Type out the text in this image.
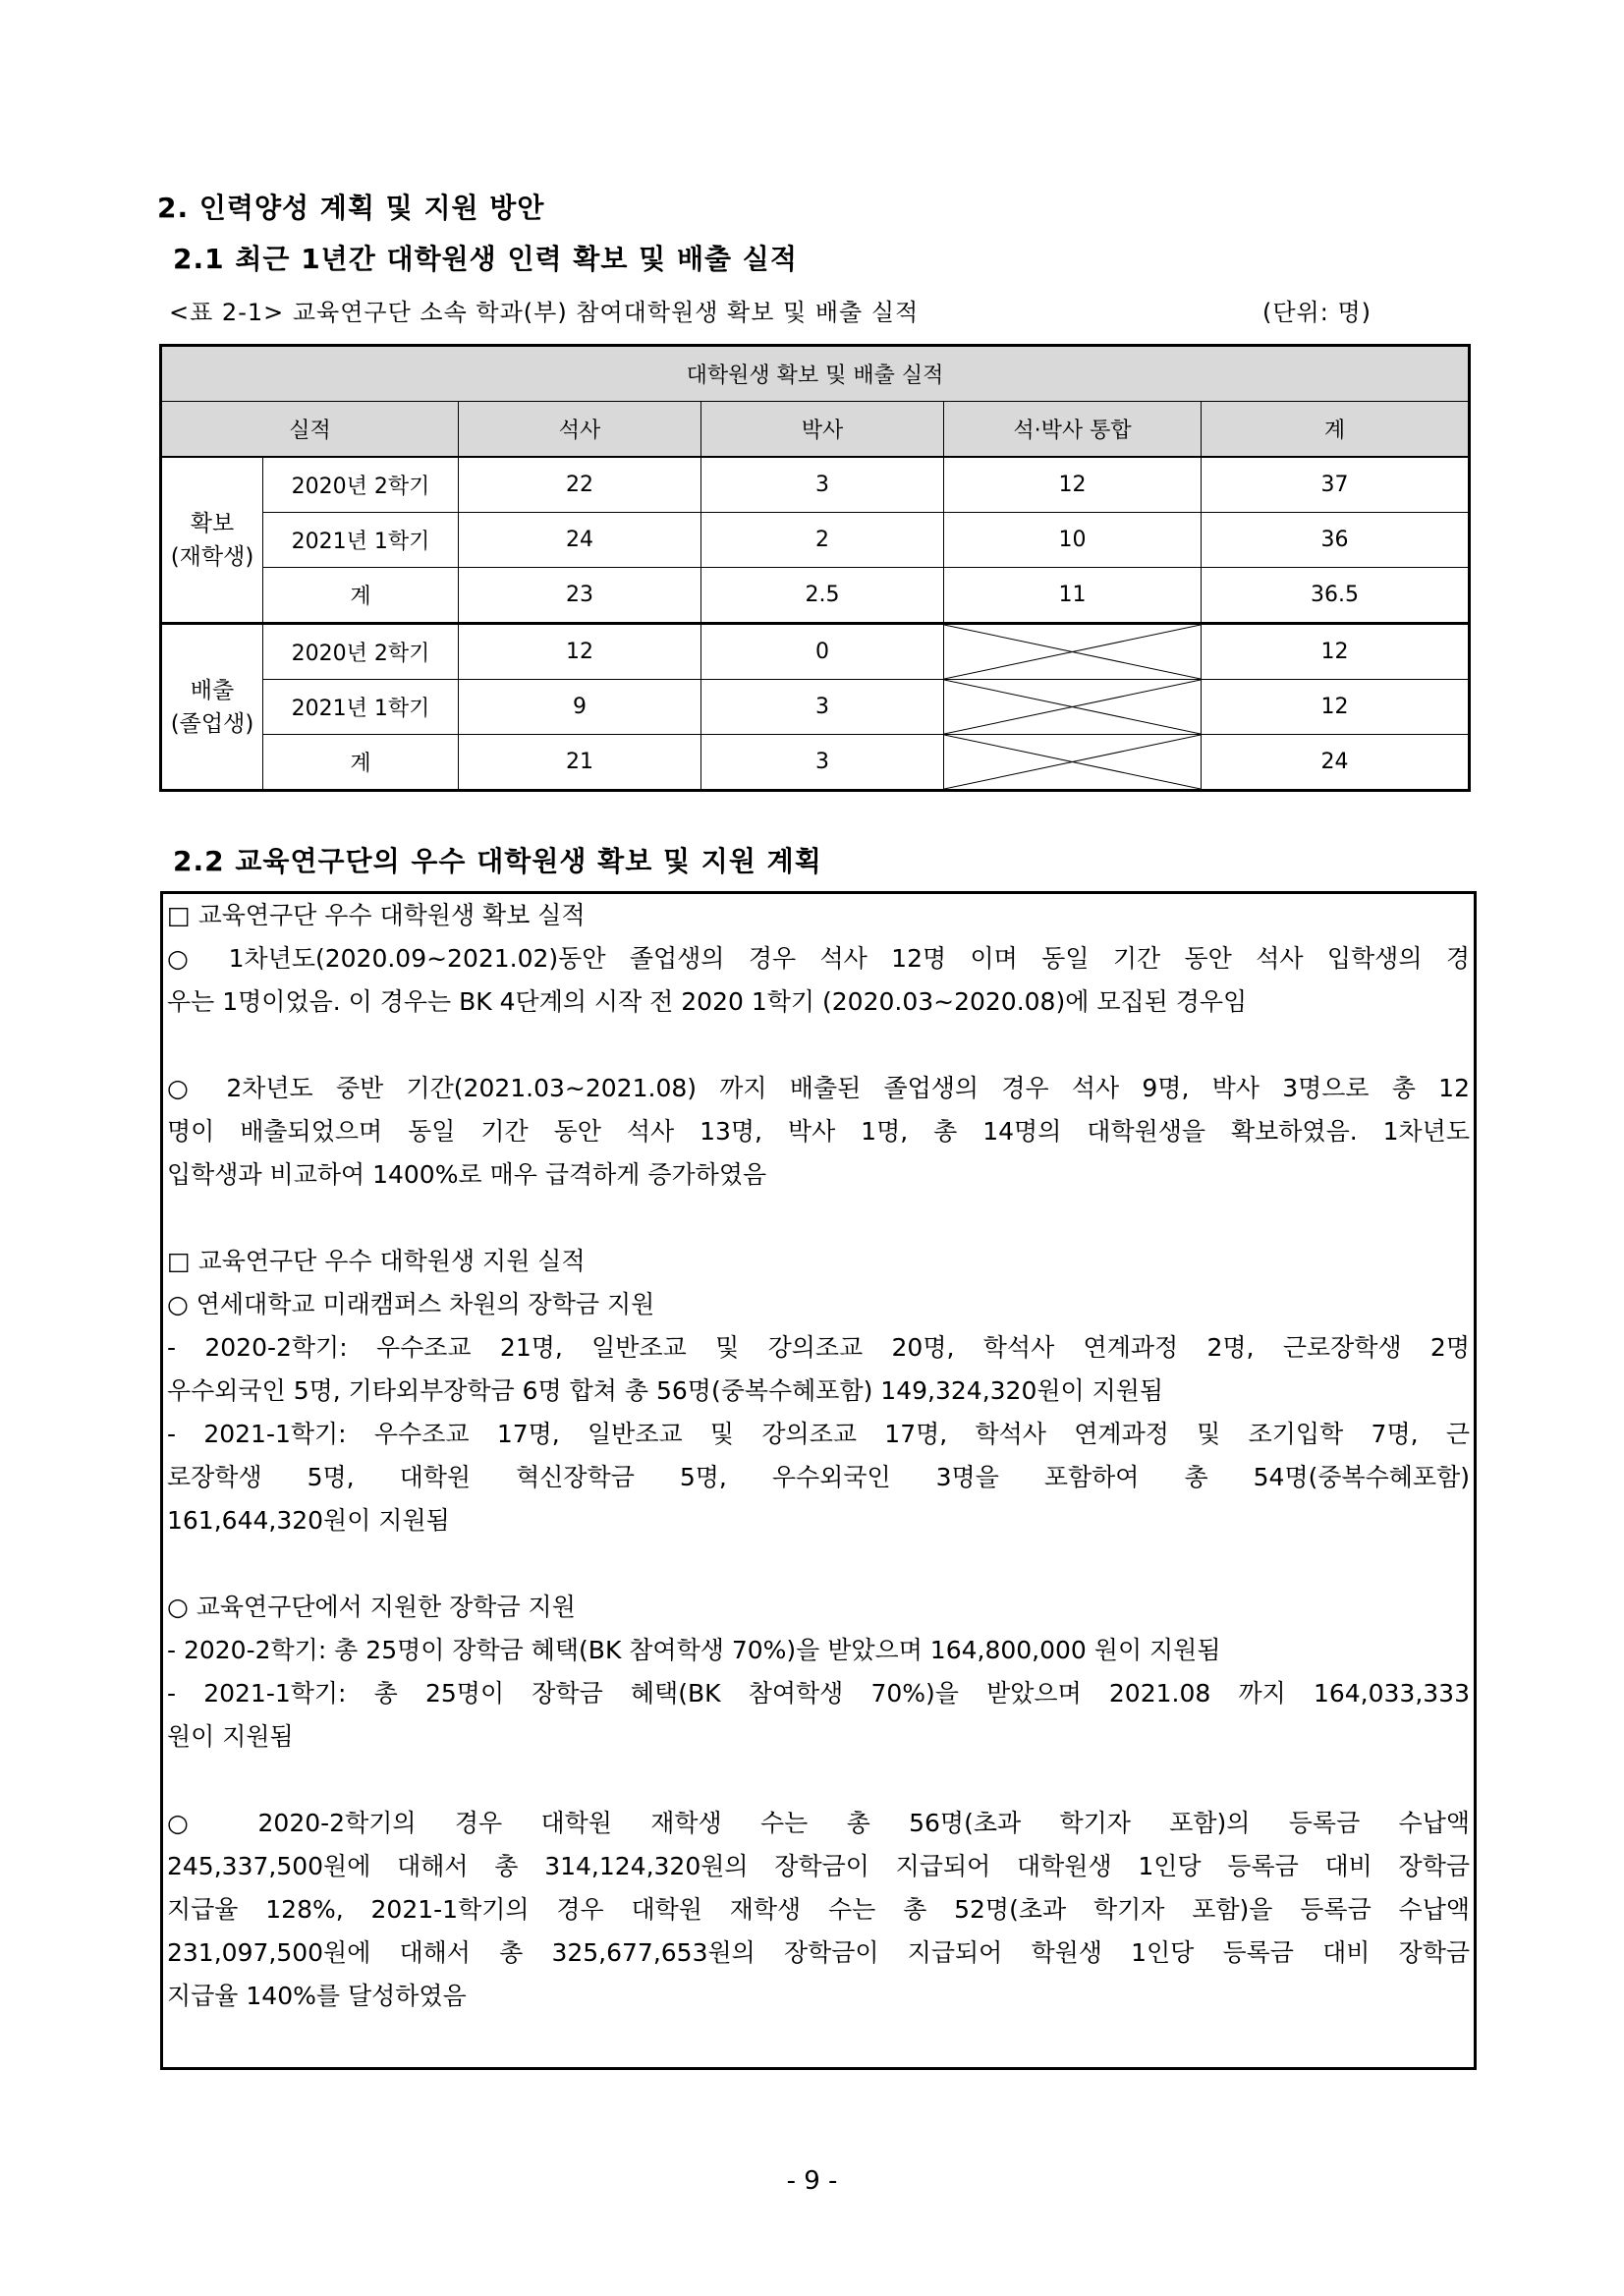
2. 인력양성 계획 및 지원 방안
2.1 최근 1년간 대학원생 인력 확보 및 배출 실적
<표 2-1> 교육연구단 소속 학과(부) 참여대학원생 확보 및 배출 실적	(단위: 명)
대학원생 확보 및 배출 실적					
실적		석사	박사	석·박사 통합	계
확보
(재학생)	2020년 2학기	22	3	12	37
	2021년 1학기	24	2	10	36
	계	23	2.5	11	36.5
배출
(졸업생)	2020년 2학기	12	0		12
	2021년 1학기	9	3		12
	계	21	3		24
2.2 교육연구단의 우수 대학원생 확보 및 지원 계획

□ 교육연구단 우수 대학원생 확보 실적

○ 1차년도(2020.09~2021.02)동안 졸업생의 경우 석사 12명 이며 동일 기간 동안 석사 입학생의 경

우는 1명이었음. 이 경우는 BK 4단계의 시작 전 2020 1학기 (2020.03~2020.08)에 모집된 경우임

○ 2차년도 중반 기간(2021.03~2021.08) 까지 배출된 졸업생의 경우 석사 9명, 박사 3명으로 총 12

명이 배출되었으며 동일 기간 동안 석사 13명, 박사 1명, 총 14명의 대학원생을 확보하였음. 1차년도

입학생과 비교하여 1400%로 매우 급격하게 증가하였음

□ 교육연구단 우수 대학원생 지원 실적

○ 연세대학교 미래캠퍼스 차원의 장학금 지원

- 2020-2학기: 우수조교 21명, 일반조교 및 강의조교 20명, 학석사 연계과정 2명, 근로장학생 2명

우수외국인 5명, 기타외부장학금 6명 합쳐 총 56명(중복수혜포함) 149,324,320원이 지원됨

- 2021-1학기: 우수조교 17명, 일반조교 및 강의조교 17명, 학석사 연계과정 및 조기입학 7명, 근

로장학생 5명, 대학원 혁신장학금 5명, 우수외국인 3명을 포함하여 총 54명(중복수혜포함)

161,644,320원이 지원됨

○ 교육연구단에서 지원한 장학금 지원

- 2020-2학기: 총 25명이 장학금 혜택(BK 참여학생 70%)을 받았으며 164,800,000 원이 지원됨

- 2021-1학기: 총 25명이 장학금 혜택(BK 참여학생 70%)을 받았으며 2021.08 까지 164,033,333

원이 지원됨

○ 2020-2학기의 경우 대학원 재학생 수는 총 56명(초과 학기자 포함)의 등록금 수납액

245,337,500원에 대해서 총 314,124,320원의 장학금이 지급되어 대학원생 1인당 등록금 대비 장학금

지급율 128%, 2021-1학기의 경우 대학원 재학생 수는 총 52명(초과 학기자 포함)을 등록금 수납액

231,097,500원에 대해서 총 325,677,653원의 장학금이 지급되어 학원생 1인당 등록금 대비 장학금

지급율 140%를 달성하였음

- 9 -
